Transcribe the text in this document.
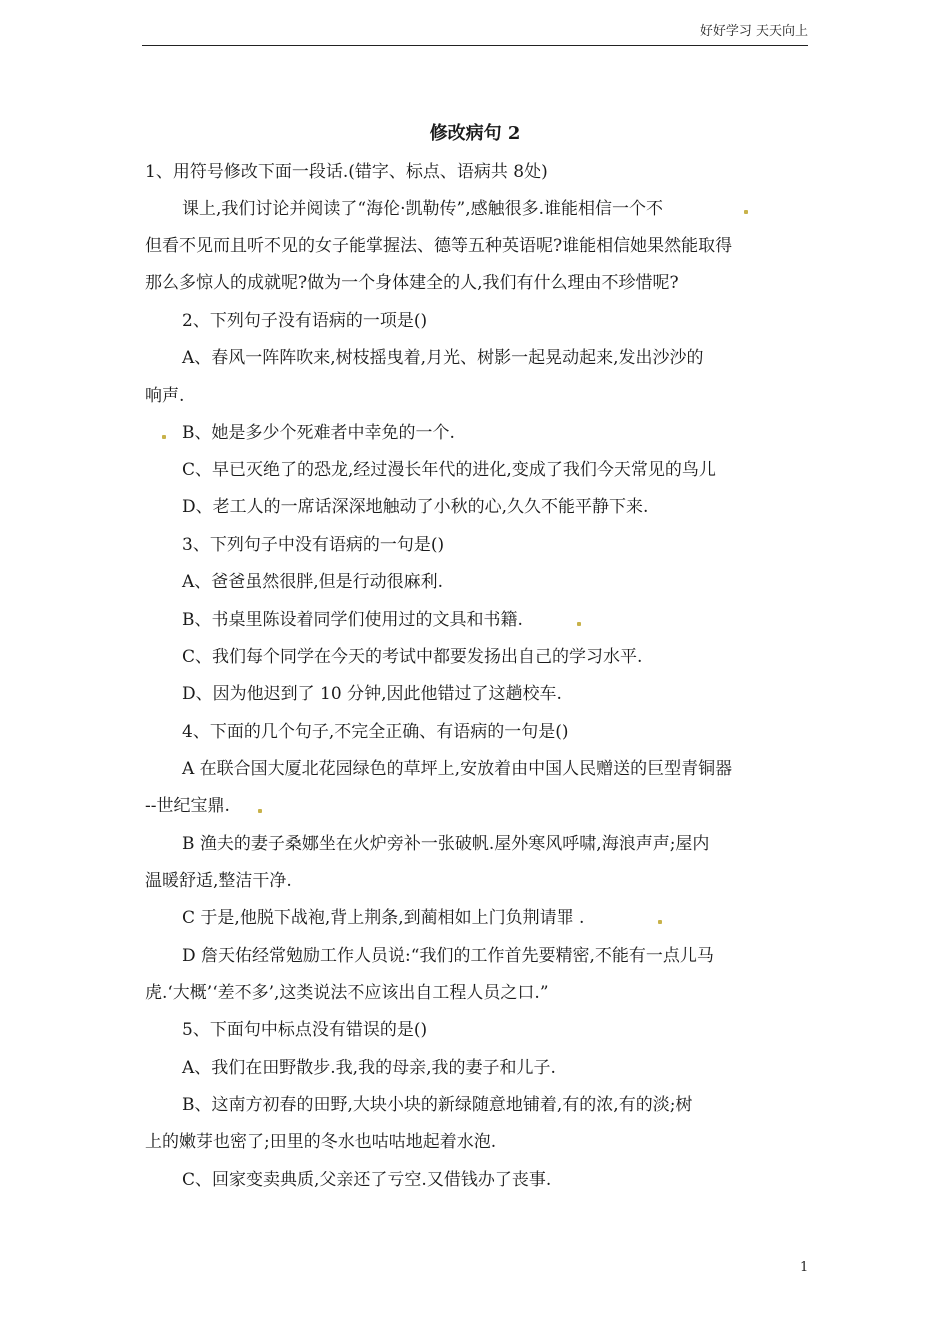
好好学习 天天向上
修改病句 2
1、用符号修改下面一段话.(错字、标点、语病共 8处)
课上,我们讨论并阅读了“海伦·凯勒传”,感触很多.谁能相信一个不
但看不见而且听不见的女子能掌握法、德等五种英语呢?谁能相信她果然能取得
那么多惊人的成就呢?做为一个身体建全的人,我们有什么理由不珍惜呢?
2、下列句子没有语病的一项是()
A、春风一阵阵吹来,树枝摇曳着,月光、树影一起晃动起来,发出沙沙的
响声.
B、她是多少个死难者中幸免的一个.
C、早已灭绝了的恐龙,经过漫长年代的进化,变成了我们今天常见的鸟儿
D、老工人的一席话深深地触动了小秋的心,久久不能平静下来.
3、下列句子中没有语病的一句是()
A、爸爸虽然很胖,但是行动很麻利.
B、书桌里陈设着同学们使用过的文具和书籍.
C、我们每个同学在今天的考试中都要发扬出自己的学习水平.
D、因为他迟到了 10 分钟,因此他错过了这趟校车.
4、下面的几个句子,不完全正确、有语病的一句是()
A 在联合国大厦北花园绿色的草坪上,安放着由中国人民赠送的巨型青铜器
--世纪宝鼎.
B 渔夫的妻子桑娜坐在火炉旁补一张破帆.屋外寒风呼啸,海浪声声;屋内
温暖舒适,整洁干净.
C 于是,他脱下战袍,背上荆条,到蔺相如上门负荆请罪 .
D 詹天佑经常勉励工作人员说:“我们的工作首先要精密,不能有一点儿马
虎.‘大概’‘差不多’,这类说法不应该出自工程人员之口.”
5、下面句中标点没有错误的是()
A、我们在田野散步.我,我的母亲,我的妻子和儿子.
B、这南方初春的田野,大块小块的新绿随意地铺着,有的浓,有的淡;树
上的嫩芽也密了;田里的冬水也咕咕地起着水泡.
C、回家变卖典质,父亲还了亏空.又借钱办了丧事.
1
